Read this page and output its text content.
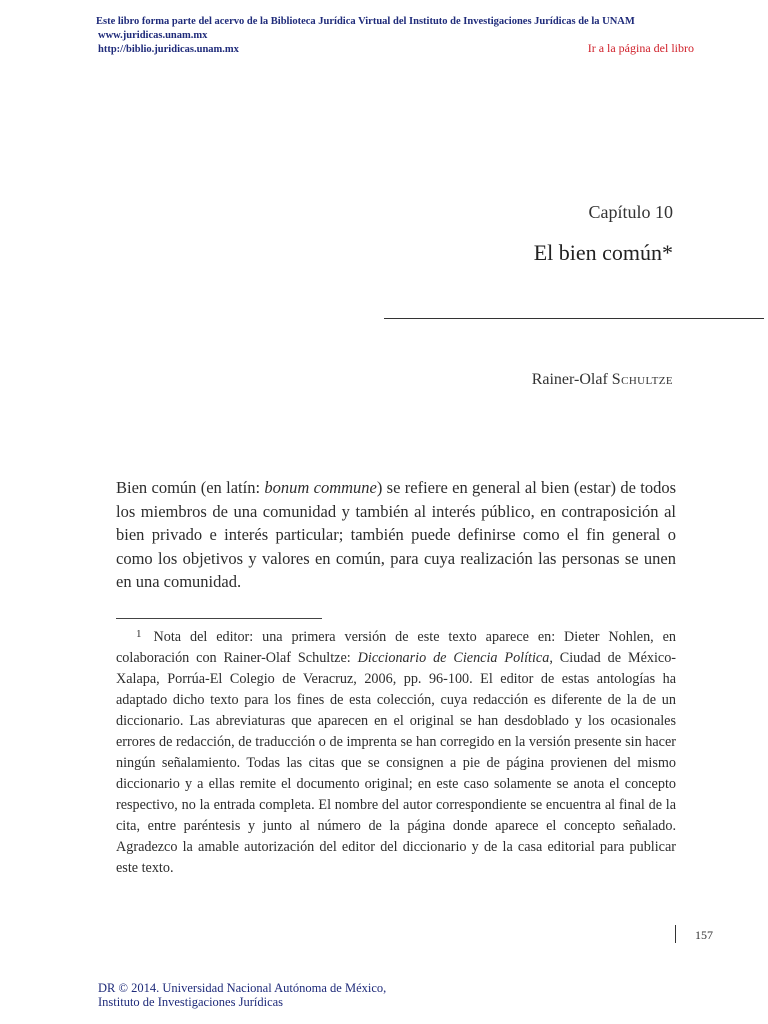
Este libro forma parte del acervo de la Biblioteca Jurídica Virtual del Instituto de Investigaciones Jurídicas de la UNAM
www.juridicas.unam.mx
http://biblio.juridicas.unam.mx	Ir a la página del libro
Capítulo 10
El bien común*
Rainer-Olaf Schultze

Bien común (en latín: bonum commune) se refiere en general al bien (estar) de todos los miembros de una comunidad y también al interés público, en contraposición al bien privado e interés particular; también puede definirse como el fin general o como los objetivos y valores en común, para cuya realización las personas se unen en una comunidad.

$^1$ Nota del editor: una primera versión de este texto aparece en: Dieter Nohlen, en colaboración con Rainer-Olaf Schultze: Diccionario de Ciencia Política, Ciudad de México-Xalapa, Porrúa-El Colegio de Veracruz, 2006, pp. 96-100. El editor de estas antologías ha adaptado dicho texto para los fines de esta colección, cuya redacción es diferente de la de un diccionario. Las abreviaturas que aparecen en el original se han desdoblado y los ocasionales errores de redacción, de traducción o de imprenta se han corregido en la versión presente sin hacer ningún señalamiento. Todas las citas que se consignen a pie de página provienen del mismo diccionario y a ellas remite el documento original; en este caso solamente se anota el concepto respectivo, no la entrada completa. El nombre del autor correspondiente se encuentra al final de la cita, entre paréntesis y junto al número de la página donde aparece el concepto señalado. Agradezco la amable autorización del editor del diccionario y de la casa editorial para publicar este texto.

157
DR © 2014. Universidad Nacional Autónoma de México,
Instituto de Investigaciones Jurídicas
